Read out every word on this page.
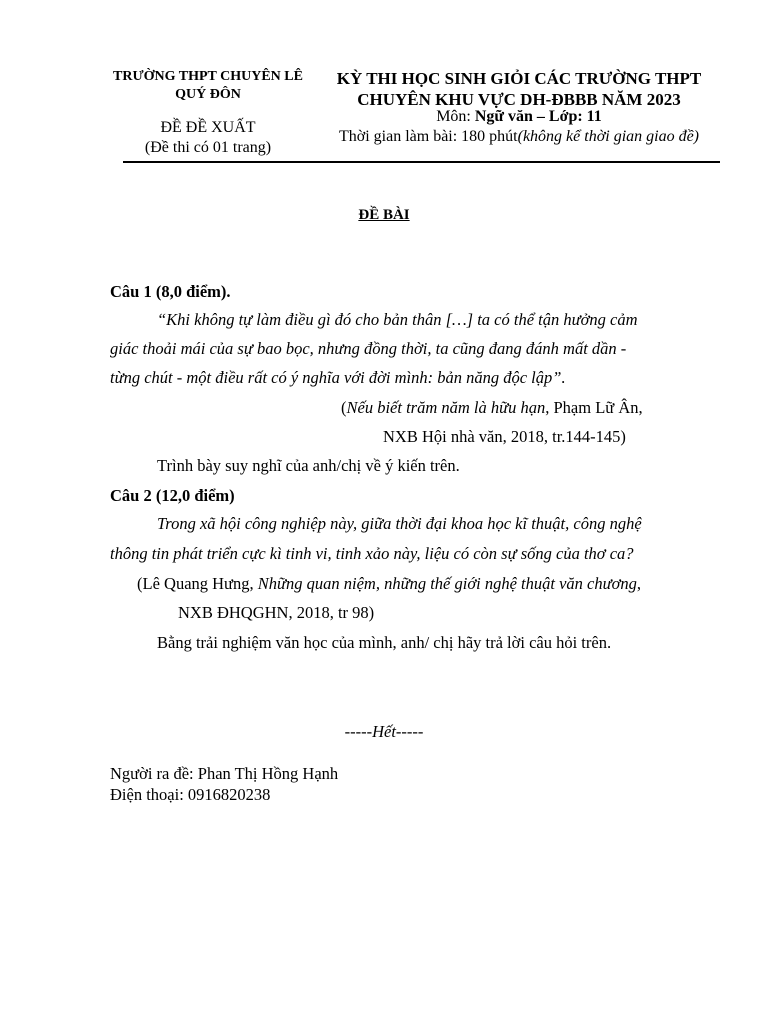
TRƯỜNG THPT CHUYÊN LÊ QUÝ ĐÔN
ĐỀ ĐỀ XUẤT
(Đề thi có 01 trang)
KỲ THI HỌC SINH GIỎI CÁC TRƯỜNG THPT CHUYÊN KHU VỰC DH-ĐBBB NĂM 2023
Môn: Ngữ văn – Lớp: 11
Thời gian làm bài: 180 phút(không kể thời gian giao đề)
ĐỀ BÀI
Câu 1 (8,0 điểm).
“Khi không tự làm điều gì đó cho bản thân […] ta có thể tận hưởng cảm
giác thoải mái của sự bao bọc, nhưng đồng thời, ta cũng đang đánh mất dần -
từng chút - một điều rất có ý nghĩa với đời mình: bản năng độc lập”.
(Nếu biết trăm năm là hữu hạn, Phạm Lữ Ân,
NXB Hội nhà văn, 2018, tr.144-145)
Trình bày suy nghĩ của anh/chị về ý kiến trên.
Câu 2 (12,0 điểm)
Trong xã hội công nghiệp này, giữa thời đại khoa học kĩ thuật, công nghệ
thông tin phát triển cực kì tinh vi, tinh xảo này, liệu có còn sự sống của thơ ca?
(Lê Quang Hưng, Những quan niệm, những thế giới nghệ thuật văn chương,
NXB ĐHQGHN, 2018, tr 98)
Bằng trải nghiệm văn học của mình, anh/ chị hãy trả lời câu hỏi trên.
-----Hết-----
Người ra đề: Phan Thị Hồng Hạnh
Điện thoại: 0916820238
